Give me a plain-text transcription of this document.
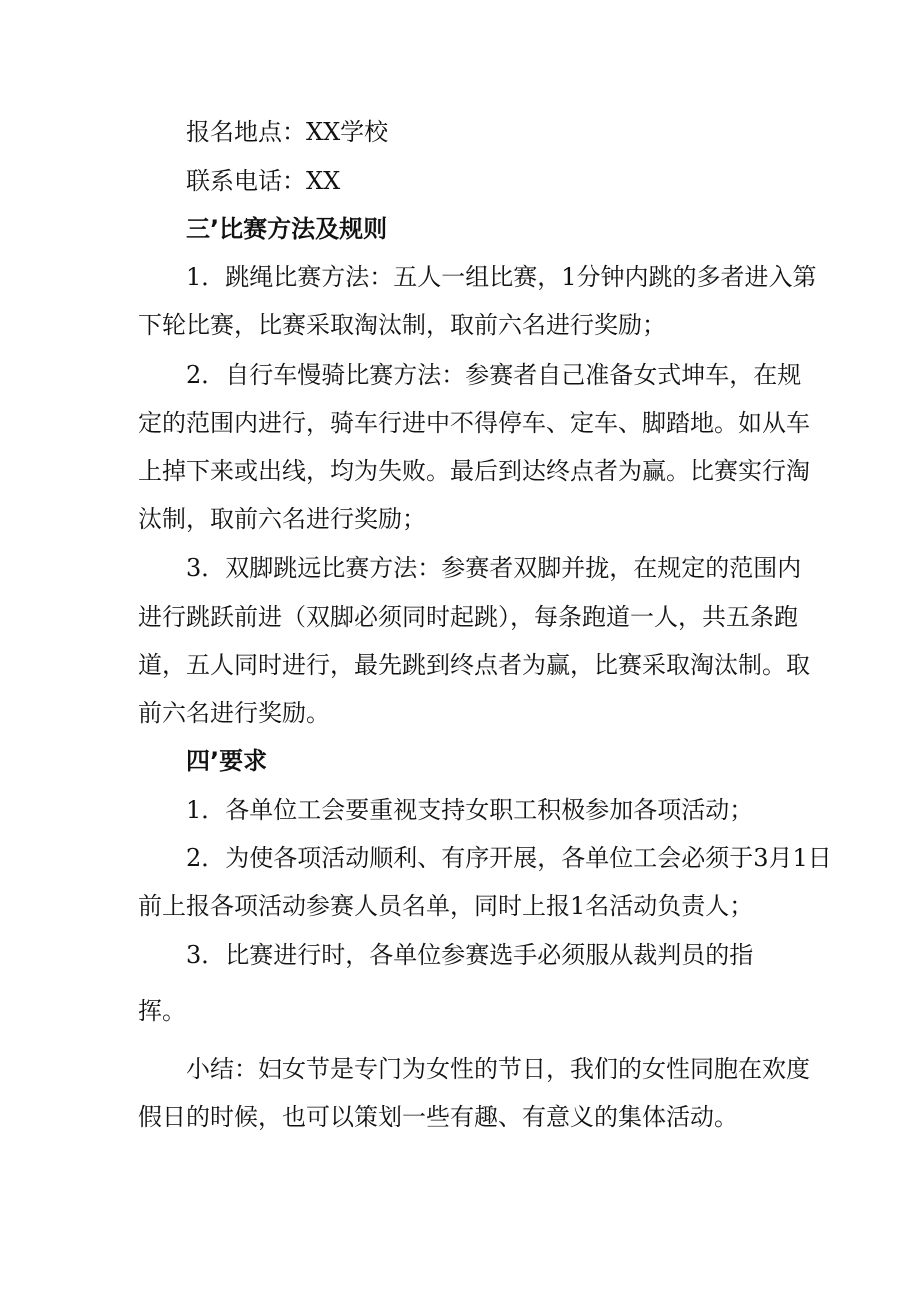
报名地点：XX学校
联系电话：XX
三’比赛方法及规则
1．跳绳比赛方法：五人一组比赛，1分钟内跳的多者进入第
下轮比赛，比赛采取淘汰制，取前六名进行奖励；
2．自行车慢骑比赛方法：参赛者自己准备女式坤车，在规
定的范围内进行，骑车行进中不得停车、定车、脚踏地。如从车
上掉下来或出线，均为失败。最后到达终点者为赢。比赛实行淘
汰制，取前六名进行奖励；
3．双脚跳远比赛方法：参赛者双脚并拢，在规定的范围内
进行跳跃前进（双脚必须同时起跳），每条跑道一人，共五条跑
道，五人同时进行，最先跳到终点者为赢，比赛采取淘汰制。取
前六名进行奖励。
四’要求
1．各单位工会要重视支持女职工积极参加各项活动；
2．为使各项活动顺利、有序开展，各单位工会必须于3月1日
前上报各项活动参赛人员名单，同时上报1名活动负责人；
3．比赛进行时，各单位参赛选手必须服从裁判员的指
挥。
小结：妇女节是专门为女性的节日，我们的女性同胞在欢度
假日的时候，也可以策划一些有趣、有意义的集体活动。
